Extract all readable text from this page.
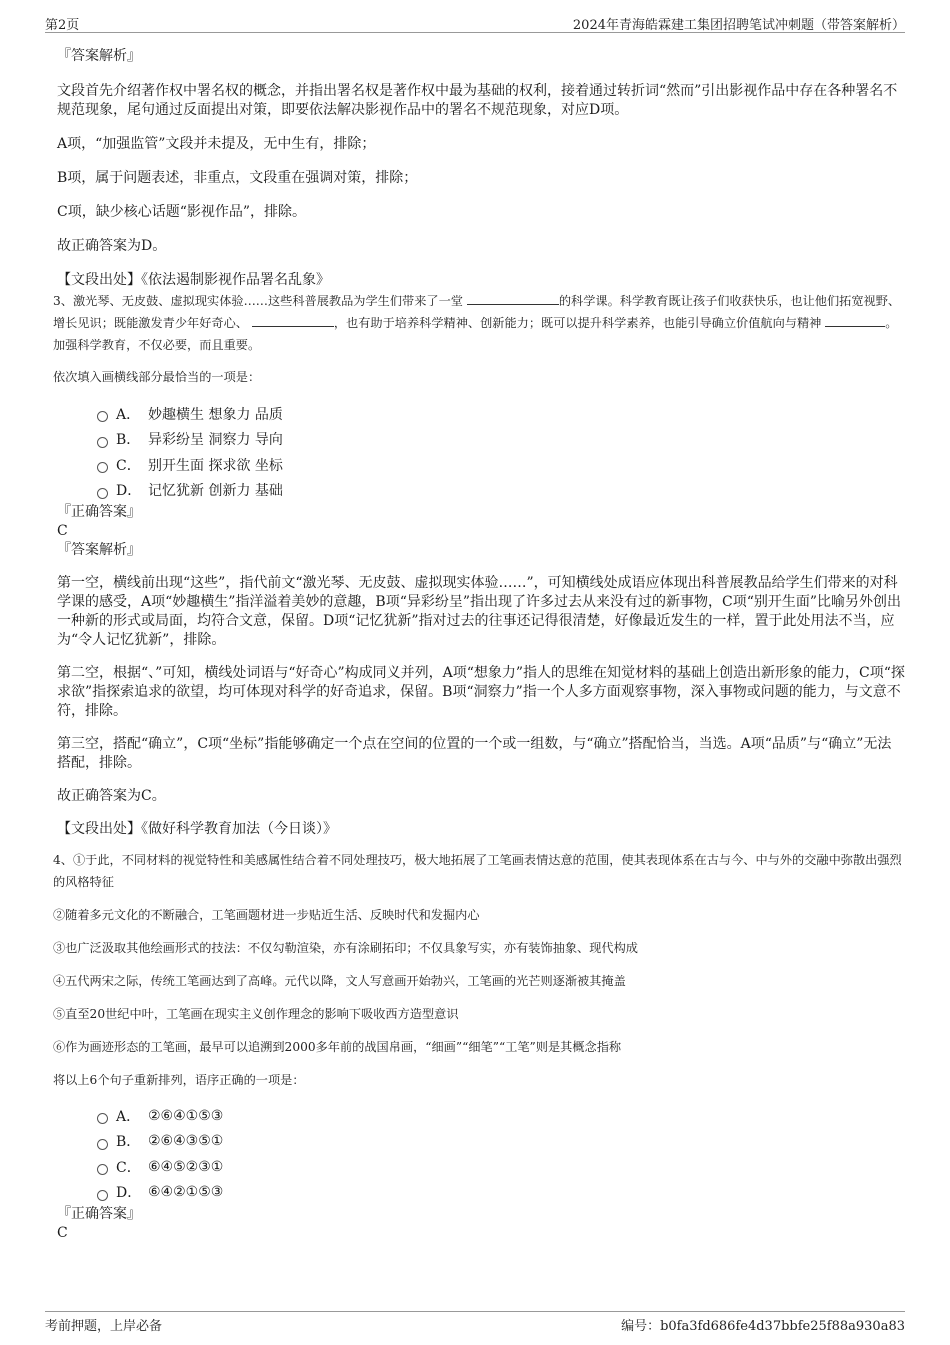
第2页	2024年青海皓霖建工集团招聘笔试冲刺题（带答案解析）
『答案解析』

文段首先介绍著作权中署名权的概念，并指出署名权是著作权中最为基础的权利，接着通过转折词“然而”引出影视作品中存在各种署名不规范现象，尾句通过反面提出对策，即要依法解决影视作品中的署名不规范现象，对应D项。

A项，“加强监管”文段并未提及，无中生有，排除；

B项，属于问题表述，非重点，文段重在强调对策，排除；

C项，缺少核心话题“影视作品”，排除。

故正确答案为D。

【文段出处】《依法遏制影视作品署名乱象》

3、激光琴、无皮鼓、虚拟现实体验……这些科普展教品为学生们带来了一堂	的科学课。科学教育既让孩子们收获快乐，也让他们拓宽视野、增长见识；既能激发青少年好奇心、	，也有助于培养科学精神、创新能力；既可以提升科学素养，也能引导确立价值航向与精神	。加强科学教育，不仅必要，而且重要。

依次填入画横线部分最恰当的一项是：

A． 妙趣横生 想象力 品质
B． 异彩纷呈 洞察力 导向
C． 别开生面 探求欲 坐标
D． 记忆犹新 创新力 基础
『正确答案』
C
『答案解析』

第一空，横线前出现“这些”，指代前文“激光琴、无皮鼓、虚拟现实体验……”，可知横线处成语应体现出科普展教品给学生们带来的对科学课的感受，A项“妙趣横生”指洋溢着美妙的意趣，B项“异彩纷呈”指出现了许多过去从来没有过的新事物，C项“别开生面”比喻另外创出一种新的形式或局面，均符合文意，保留。D项“记忆犹新”指对过去的往事还记得很清楚，好像最近发生的一样，置于此处用法不当，应为“令人记忆犹新”，排除。

第二空，根据“、”可知，横线处词语与“好奇心”构成同义并列，A项“想象力”指人的思维在知觉材料的基础上创造出新形象的能力，C项“探求欲”指探索追求的欲望，均可体现对科学的好奇追求，保留。B项“洞察力”指一个人多方面观察事物，深入事物或问题的能力，与文意不符，排除。

第三空，搭配“确立”，C项“坐标”指能够确定一个点在空间的位置的一个或一组数，与“确立”搭配恰当，当选。A项“品质”与“确立”无法搭配，排除。

故正确答案为C。

【文段出处】《做好科学教育加法（今日谈）》

4、①于此，不同材料的视觉特性和美感属性结合着不同处理技巧，极大地拓展了工笔画表情达意的范围，使其表现体系在古与今、中与外的交融中弥散出强烈的风格特征

②随着多元文化的不断融合，工笔画题材进一步贴近生活、反映时代和发掘内心

③也广泛汲取其他绘画形式的技法：不仅勾勒渲染，亦有涂刷拓印；不仅具象写实，亦有装饰抽象、现代构成

④五代两宋之际，传统工笔画达到了高峰。元代以降，文人写意画开始勃兴，工笔画的光芒则逐渐被其掩盖

⑤直至20世纪中叶，工笔画在现实主义创作理念的影响下吸收西方造型意识

⑥作为画迹形态的工笔画，最早可以追溯到2000多年前的战国帛画，“细画”“细笔”“工笔”则是其概念指称

将以上6个句子重新排列，语序正确的一项是：

A． ②⑥④①⑤③
B． ②⑥④③⑤①
C． ⑥④⑤②③①
D． ⑥④②①⑤③
『正确答案』
C
考前押题，上岸必备	编号：b0fa3fd686fe4d37bbfe25f88a930a83
